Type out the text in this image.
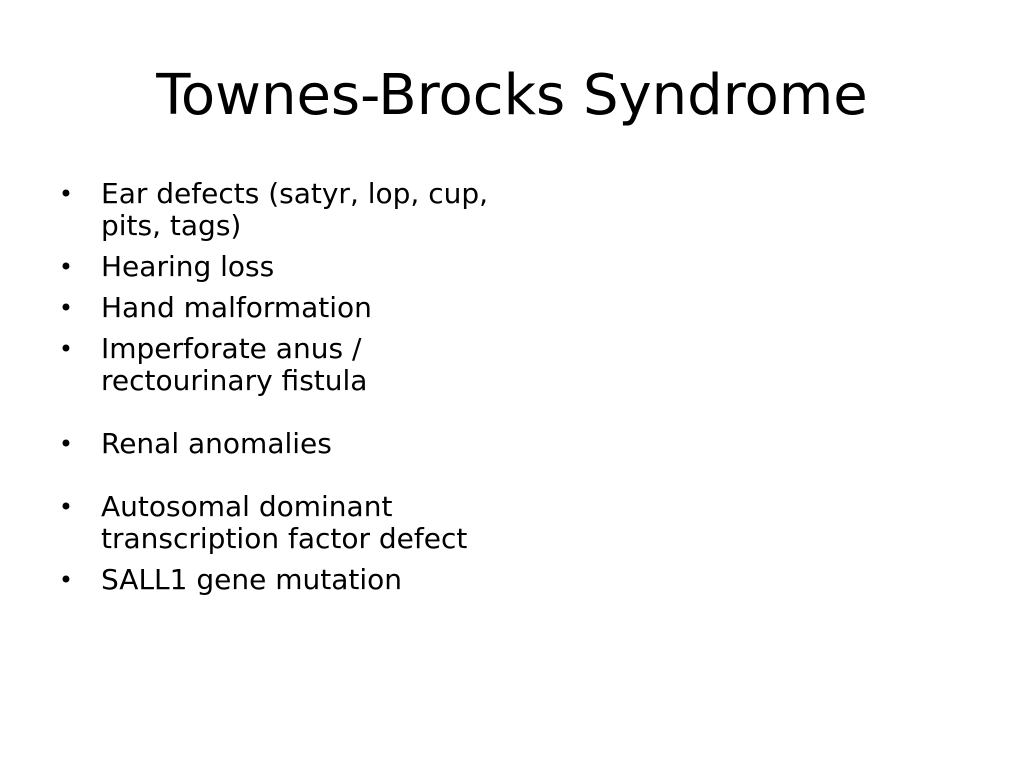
Townes-Brocks Syndrome
• Ear defects (satyr, lop, cup, pits, tags)
• Hearing loss
• Hand malformation
• Imperforate anus / rectourinary fistula
• Renal anomalies
• Autosomal dominant transcription factor defect
• SALL1 gene mutation
